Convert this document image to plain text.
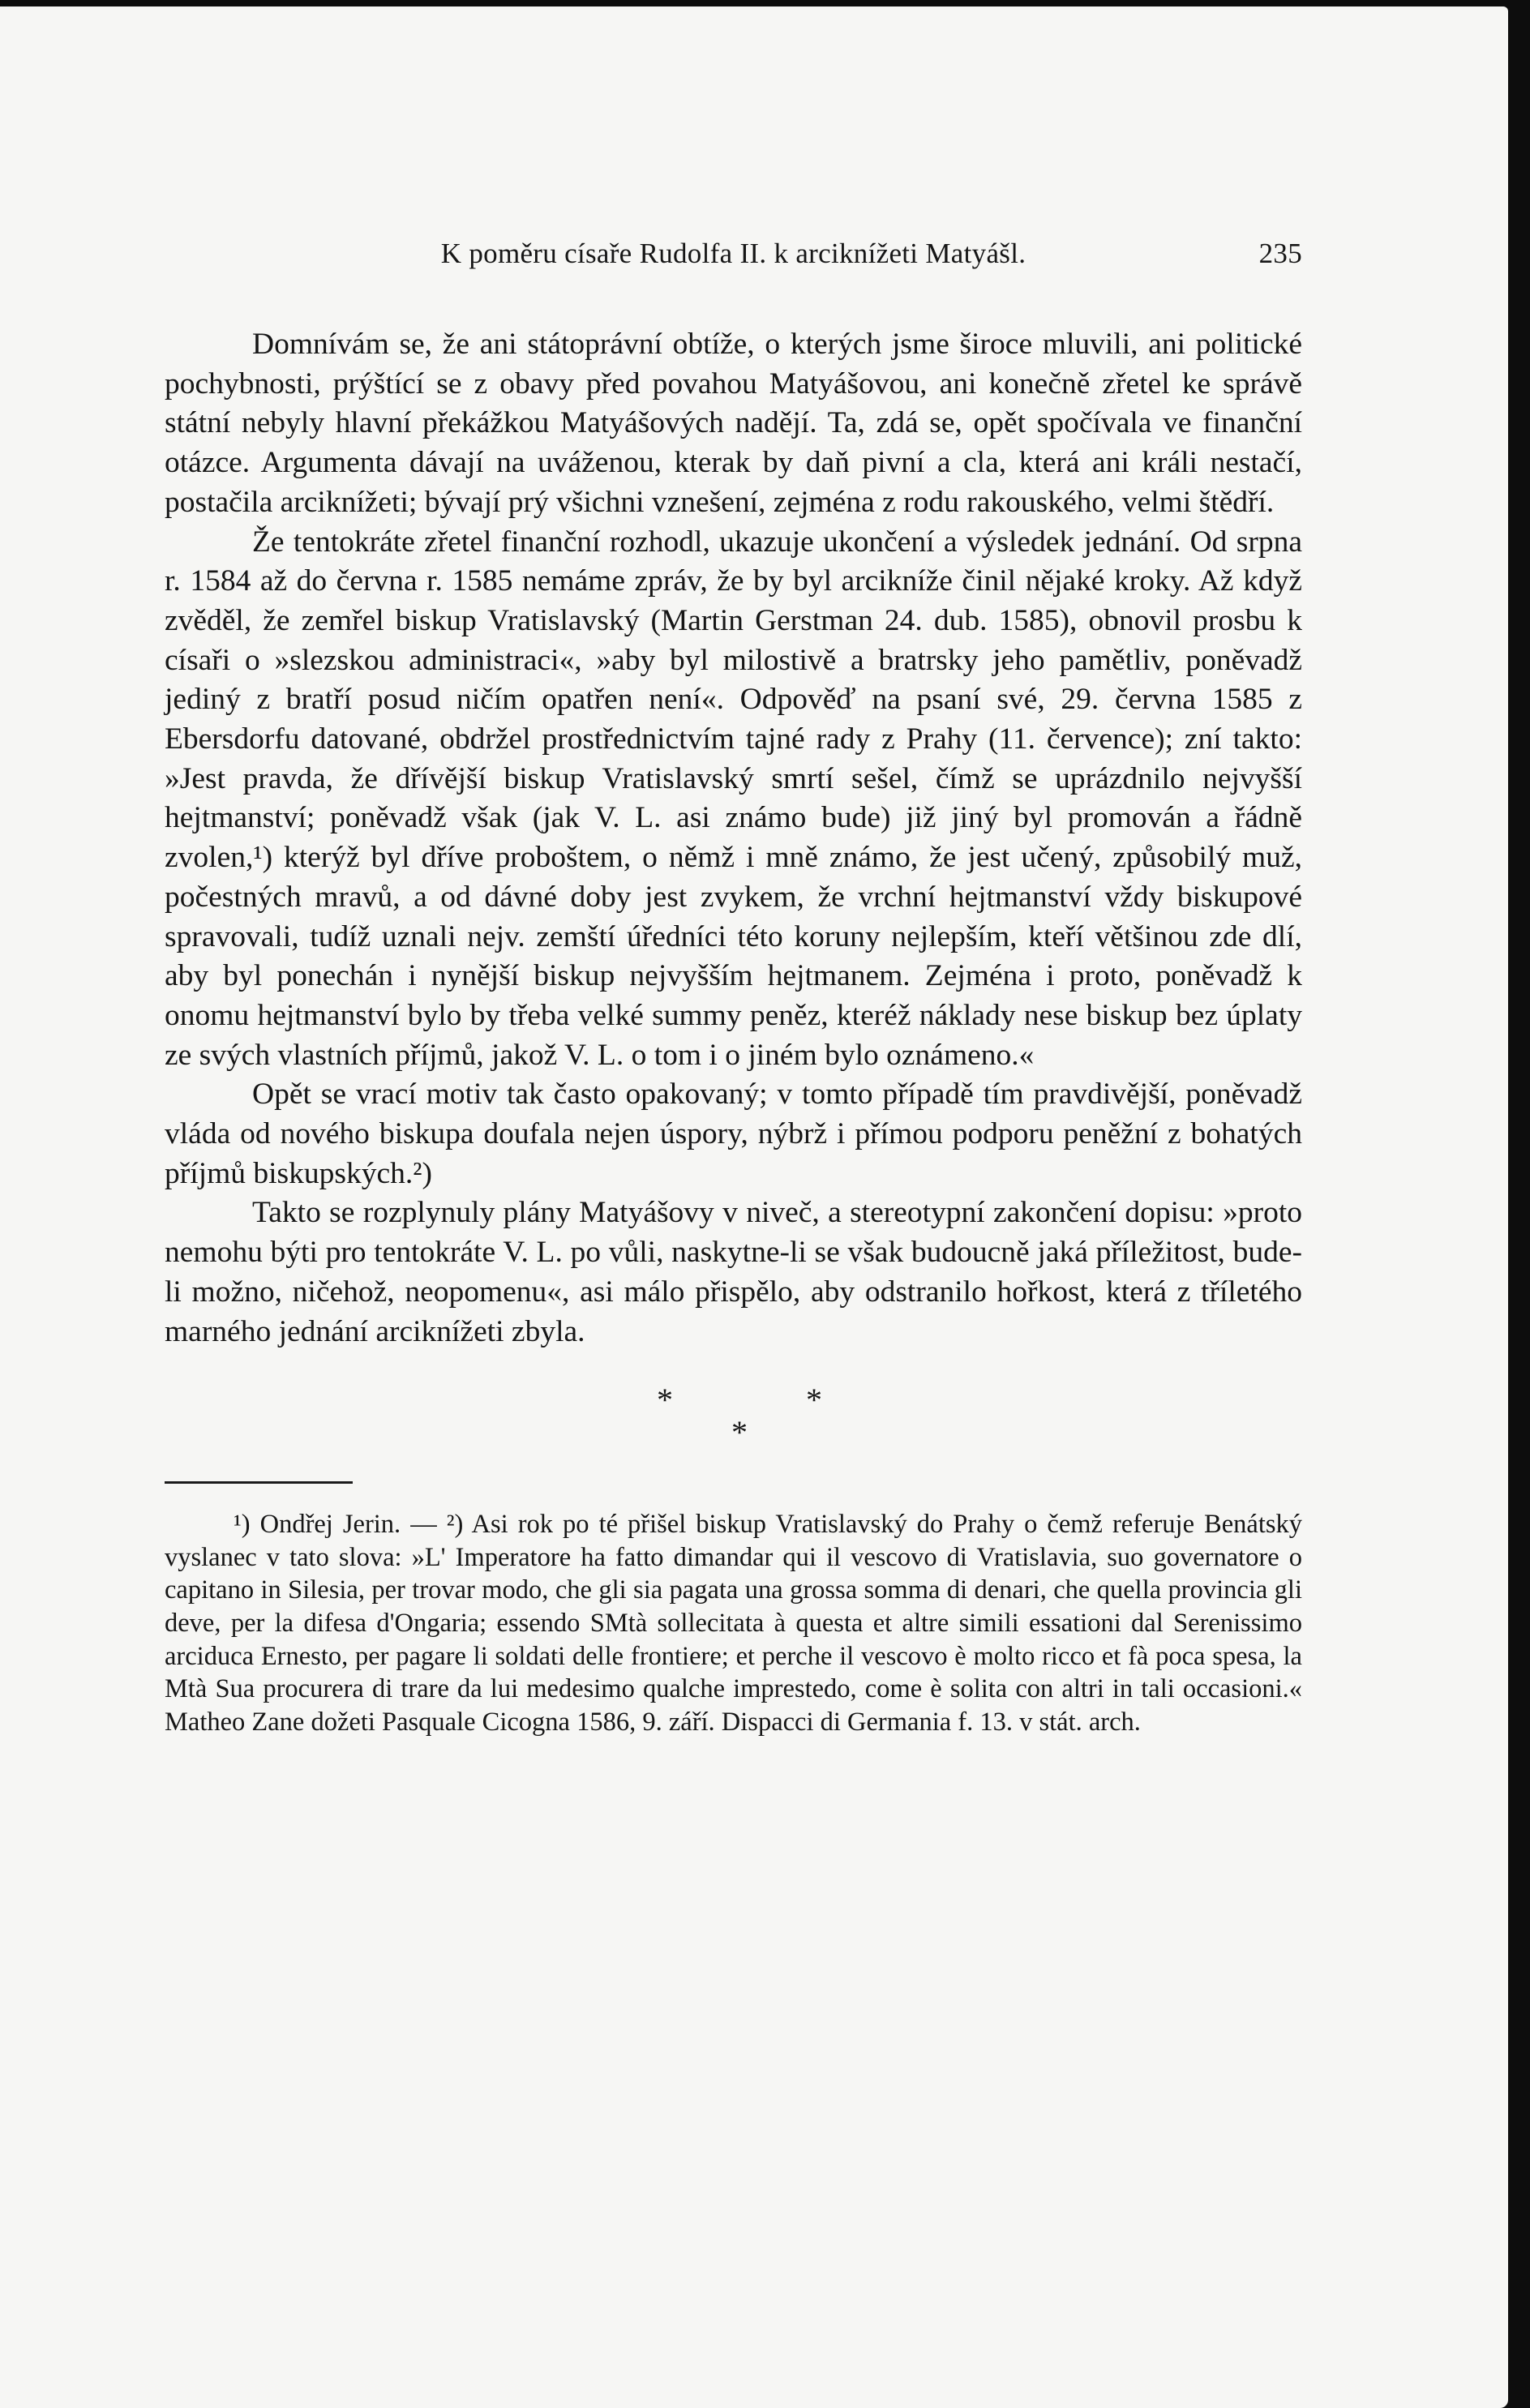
K poměru císaře Rudolfa II. k arciknížeti Matyášl.	235

Domnívám se, že ani státoprávní obtíže, o kterých jsme široce mluvili, ani politické pochybnosti, prýštící se z obavy před povahou Matyášovou, ani konečně zřetel ke správě státní nebyly hlavní překážkou Matyášových nadějí. Ta, zdá se, opět spočívala ve finanční otázce. Argumenta dávají na uváženou, kterak by daň pivní a cla, která ani králi nestačí, postačila arciknížeti; bývají prý všichni vznešení, zejména z rodu rakouského, velmi štědří.

Že tentokráte zřetel finanční rozhodl, ukazuje ukončení a výsledek jednání. Od srpna r. 1584 až do června r. 1585 nemáme zpráv, že by byl arciknížе činil nějaké kroky. Až když zvěděl, že zemřel biskup Vratislavský (Martin Gerstman 24. dub. 1585), obnovil prosbu k císaři o »slezskou administraci«, »aby byl milostivě a bratrsky jeho pamětliv, poněvadž jediný z bratří posud ničím opatřen není«. Odpověď na psaní své, 29. června 1585 z Ebersdorfu datované, obdržel prostřednictvím tajné rady z Prahy (11. července); zní takto: »Jest pravda, že dřívější biskup Vratislavský smrtí sešel, čímž se uprázdnilo nejvyšší hejtmanství; poněvadž však (jak V. L. asi známo bude) již jiný byl promován a řádně zvolen,¹) kterýž byl dříve proboštem, o němž i mně známo, že jest učený, způsobilý muž, počestných mravů, a od dávné doby jest zvykem, že vrchní hejtmanství vždy biskupové spravovali, tudíž uznali nejv. zemští úředníci této koruny nejlepším, kteří většinou zde dlí, aby byl ponechán i nynější biskup nejvyšším hejtmanem. Zejména i proto, poněvadž k onomu hejtmanství bylo by třeba velké summy peněz, kteréž náklady nese biskup bez úplaty ze svých vlastních příjmů, jakož V. L. o tom i o jiném bylo oznámeno.«

Opět se vrací motiv tak často opakovaný; v tomto případě tím pravdivější, poněvadž vláda od nového biskupa doufala nejen úspory, nýbrž i přímou podporu peněžní z bohatých příjmů biskupských.²)

Takto se rozplynuly plány Matyášovy v niveč, a stereotypní zakončení dopisu: »proto nemohu býti pro tentokráte V. L. po vůli, naskytne-li se však budoucně jaká příležitost, bude-li možno, ničehož, neopomenu«, asi málo přispělo, aby odstranilo hořkost, která z tříletého marného jednání arciknížeti zbyla.

*	*
*

¹) Ondřej Jerin. — ²) Asi rok po té přišel biskup Vratislavský do Prahy o čemž referuje Benátský vyslanec v tato slova: »L' Imperatore ha fatto dimandar qui il vescovo di Vratislavia, suo governatore o capitano in Silesia, per trovar modo, che gli sia pagata una grossa somma di denari, che quella provincia gli deve, per la difesa d'Ongaria; essendo SMtà sollecitata à questa et altre simili essationi dal Serenissimo arciduca Ernesto, per pagare li soldati delle frontiere; et perche il vescovo è molto ricco et fà poca spesa, la Mtà Sua procurera di trare da lui medesimo qualche imprestedo, come è solita con altri in tali occasioni.« Matheo Zane dožeti Pasquale Cicogna 1586, 9. září. Dispacci di Germania f. 13. v stát. arch.
